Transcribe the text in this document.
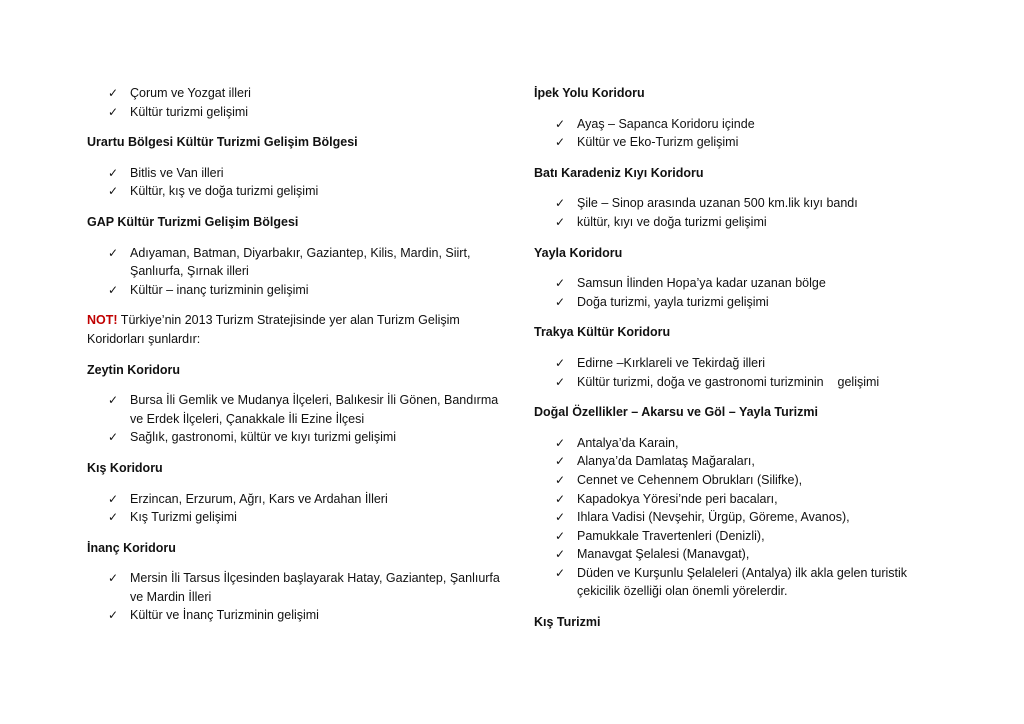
✓ Çorum ve Yozgat illeri
✓ Kültür turizmi gelişimi

Urartu Bölgesi Kültür Turizmi Gelişim Bölgesi

✓ Bitlis ve Van illeri
✓ Kültür, kış ve doğa turizmi gelişimi

GAP Kültür Turizmi Gelişim Bölgesi

✓ Adıyaman, Batman, Diyarbakır, Gaziantep, Kilis, Mardin, Siirt, Şanlıurfa, Şırnak illeri
✓ Kültür – inanç turizminin gelişimi

NOT! Türkiye’nin 2013 Turizm Stratejisinde yer alan Turizm Gelişim Koridorları şunlardır:

Zeytin Koridoru

✓ Bursa İli Gemlik ve Mudanya İlçeleri, Balıkesir İli Gönen, Bandırma ve Erdek İlçeleri, Çanakkale İli Ezine İlçesi
✓ Sağlık, gastronomi, kültür ve kıyı turizmi gelişimi

Kış Koridoru

✓ Erzincan, Erzurum, Ağrı, Kars ve Ardahan İlleri
✓ Kış Turizmi gelişimi

İnanç Koridoru

✓ Mersin İli Tarsus İlçesinden başlayarak Hatay, Gaziantep, Şanlıurfa ve Mardin İlleri
✓ Kültür ve İnanç Turizminin gelişimi

İpek Yolu Koridoru

✓ Ayaş – Sapanca Koridoru içinde
✓ Kültür ve Eko-Turizm gelişimi

Batı Karadeniz Kıyı Koridoru

✓ Şile – Sinop arasında uzanan 500 km.lik kıyı bandı
✓ kültür, kıyı ve doğa turizmi gelişimi

Yayla Koridoru

✓ Samsun İlinden Hopa’ya kadar uzanan bölge
✓ Doğa turizmi, yayla turizmi gelişimi

Trakya Kültür Koridoru

✓ Edirne –Kırklareli ve Tekirdağ illeri
✓ Kültür turizmi, doğa ve gastronomi turizminin    gelişimi

Doğal Özellikler – Akarsu ve Göl – Yayla Turizmi

✓ Antalya’da Karain,
✓ Alanya’da Damlataş Mağaraları,
✓ Cennet ve Cehennem Obrukları (Silifke),
✓ Kapadokya Yöresi’nde peri bacaları,
✓ Ihlara Vadisi (Nevşehir, Ürgüp, Göreme, Avanos),
✓ Pamukkale Travertenleri (Denizli),
✓ Manavgat Şelalesi (Manavgat),
✓ Düden ve Kurşunlu Şelaleleri (Antalya) ilk akla gelen turistik çekicilik özelliği olan önemli yörelerdir.

Kış Turizmi
